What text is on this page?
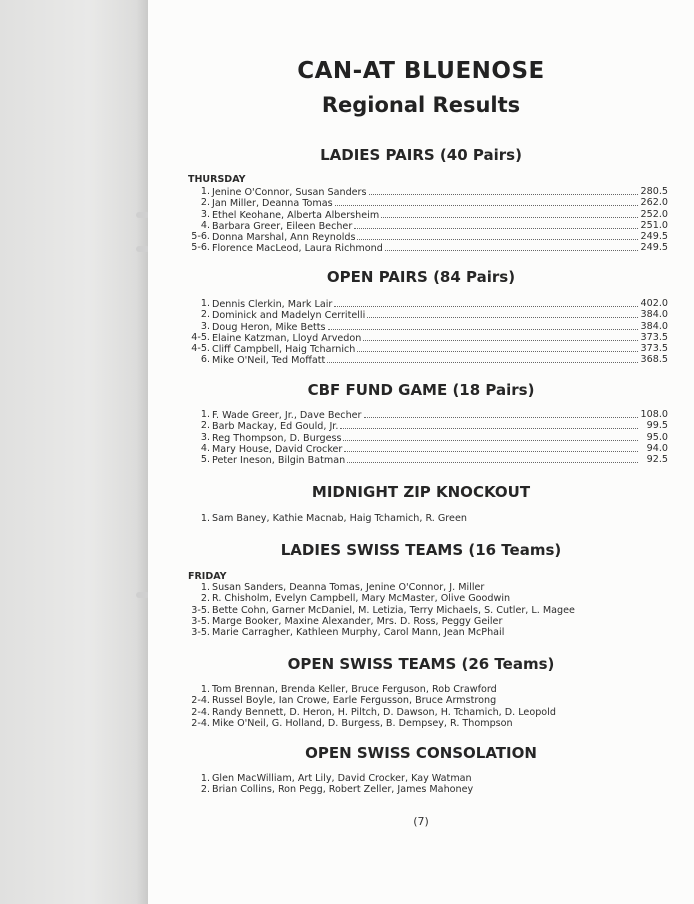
CAN-AT BLUENOSE
Regional Results
LADIES PAIRS (40 Pairs)
THURSDAY
1. Jenine O'Connor, Susan Sanders	280.5
2. Jan Miller, Deanna Tomas	262.0
3. Ethel Keohane, Alberta Albersheim	252.0
4. Barbara Greer, Eileen Becher	251.0
5-6. Donna Marshal, Ann Reynolds	249.5
5-6. Florence MacLeod, Laura Richmond	249.5
OPEN PAIRS (84 Pairs)
1. Dennis Clerkin, Mark Lair	402.0
2. Dominick and Madelyn Cerritelli	384.0
3. Doug Heron, Mike Betts	384.0
4-5. Elaine Katzman, Lloyd Arvedon	373.5
4-5. Cliff Campbell, Haig Tcharnich	373.5
6. Mike O'Neil, Ted Moffatt	368.5
CBF FUND GAME (18 Pairs)
1. F. Wade Greer, Jr., Dave Becher	108.0
2. Barb Mackay, Ed Gould, Jr.	99.5
3. Reg Thompson, D. Burgess	95.0
4. Mary House, David Crocker	94.0
5. Peter Ineson, Bilgin Batman	92.5
MIDNIGHT ZIP KNOCKOUT
1. Sam Baney, Kathie Macnab, Haig Tchamich, R. Green
LADIES SWISS TEAMS (16 Teams)
FRIDAY
1. Susan Sanders, Deanna Tomas, Jenine O'Connor, J. Miller
2. R. Chisholm, Evelyn Campbell, Mary McMaster, Olive Goodwin
3-5. Bette Cohn, Garner McDaniel, M. Letizia, Terry Michaels, S. Cutler, L. Magee
3-5. Marge Booker, Maxine Alexander, Mrs. D. Ross, Peggy Geiler
3-5. Marie Carragher, Kathleen Murphy, Carol Mann, Jean McPhail
OPEN SWISS TEAMS (26 Teams)
1. Tom Brennan, Brenda Keller, Bruce Ferguson, Rob Crawford
2-4. Russel Boyle, Ian Crowe, Earle Fergusson, Bruce Armstrong
2-4. Randy Bennett, D. Heron, H. Piltch, D. Dawson, H. Tchamich, D. Leopold
2-4. Mike O'Neil, G. Holland, D. Burgess, B. Dempsey, R. Thompson
OPEN SWISS CONSOLATION
1. Glen MacWilliam, Art Lily, David Crocker, Kay Watman
2. Brian Collins, Ron Pegg, Robert Zeller, James Mahoney
(7)
